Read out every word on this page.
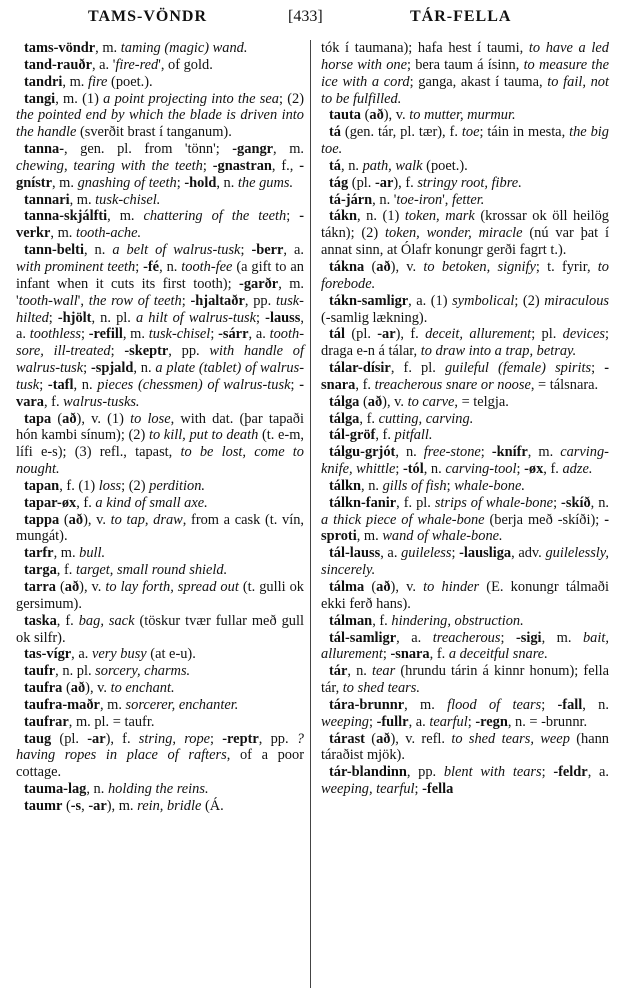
TAMS-VÖNDR	[433]	TÁR-FELLA

tams-vöndr, m. taming (magic) wand.

tand-rauðr, a. 'fire-red', of gold.

tandri, m. fire (poet.).

tangi, m. (1) a point projecting into the sea; (2) the pointed end by which the blade is driven into the handle (sverðit brast í tanganum).

tanna-, gen. pl. from 'tönn'; -gangr, m. chewing, tearing with the teeth; -gnastran, f., -gnístr, m. gnashing of teeth; -hold, n. the gums.

tannari, m. tusk-chisel.

tanna-skjálfti, m. chattering of the teeth; -verkr, m. tooth-ache.

tann-belti, n. a belt of walrus-tusk; -berr, a. with prominent teeth; -fé, n. tooth-fee (a gift to an infant when it cuts its first tooth); -garðr, m. 'tooth-wall', the row of teeth; -hjaltaðr, pp. tusk-hilted; -hjölt, n. pl. a hilt of walrus-tusk; -lauss, a. toothless; -refill, m. tusk-chisel; -sárr, a. tooth-sore, ill-treated; -skeptr, pp. with handle of walrus-tusk; -spjald, n. a plate (tablet) of walrus-tusk; -tafl, n. pieces (chessmen) of walrus-tusk; -vara, f. walrus-tusks.

tapa (að), v. (1) to lose, with dat. (þar tapaði hón kambi sínum); (2) to kill, put to death (t. e-m, lífi e-s); (3) refl., tapast, to be lost, come to nought.

tapan, f. (1) loss; (2) perdition.

tapar-øx, f. a kind of small axe.

tappa (að), v. to tap, draw, from a cask (t. vín, mungát).

tarfr, m. bull.

targa, f. target, small round shield.

tarra (að), v. to lay forth, spread out (t. gulli ok gersimum).

taska, f. bag, sack (töskur tvær fullar með gull ok silfr).

tas-vígr, a. very busy (at e-u).

taufr, n. pl. sorcery, charms.

taufra (að), v. to enchant.

taufra-maðr, m. sorcerer, enchanter.

taufrar, m. pl. = taufr.

taug (pl. -ar), f. string, rope; -reptr, pp. ? having ropes in place of rafters, of a poor cottage.

tauma-lag, n. holding the reins.

taumr (-s, -ar), m. rein, bridle (Á.

tók í taumana); hafa hest í taumi, to have a led horse with one; bera taum á ísinn, to measure the ice with a cord; ganga, akast í tauma, to fail, not to be fulfilled.

tauta (að), v. to mutter, murmur.

tá (gen. tár, pl. tær), f. toe; táin in mesta, the big toe.

tá, n. path, walk (poet.).

tág (pl. -ar), f. stringy root, fibre.

tá-járn, n. 'toe-iron', fetter.

tákn, n. (1) token, mark (krossar ok öll heilög tákn); (2) token, wonder, miracle (nú var þat í annat sinn, at Ólafr konungr gerði fagrt t.).

tákna (að), v. to betoken, signify; t. fyrir, to forebode.

tákn-samligr, a. (1) symbolical; (2) miraculous (-samlig lækning).

tál (pl. -ar), f. deceit, allurement; pl. devices; draga e-n á tálar, to draw into a trap, betray.

tálar-dísir, f. pl. guileful (female) spirits; -snara, f. treacherous snare or noose, = tálsnara.

tálga (að), v. to carve, = telgja.

tálga, f. cutting, carving.

tál-gröf, f. pitfall.

tálgu-grjót, n. free-stone; -knífr, m. carving-knife, whittle; -tól, n. carving-tool; -øx, f. adze.

tálkn, n. gills of fish; whale-bone.

tálkn-fanir, f. pl. strips of whale-bone; -skíð, n. a thick piece of whale-bone (berja með -skíði); -sproti, m. wand of whale-bone.

tál-lauss, a. guileless; -lausliga, adv. guilelessly, sincerely.

tálma (að), v. to hinder (E. konungr tálmaði ekki ferð hans).

tálman, f. hindering, obstruction.

tál-samligr, a. treacherous; -sigi, m. bait, allurement; -snara, f. a deceitful snare.

tár, n. tear (hrundu tárin á kinnr honum); fella tár, to shed tears.

tára-brunnr, m. flood of tears; -fall, n. weeping; -fullr, a. tearful; -regn, n. = -brunnr.

tárast (að), v. refl. to shed tears, weep (hann táraðist mjök).

tár-blandinn, pp. blent with tears; -feldr, a. weeping, tearful; -fella
